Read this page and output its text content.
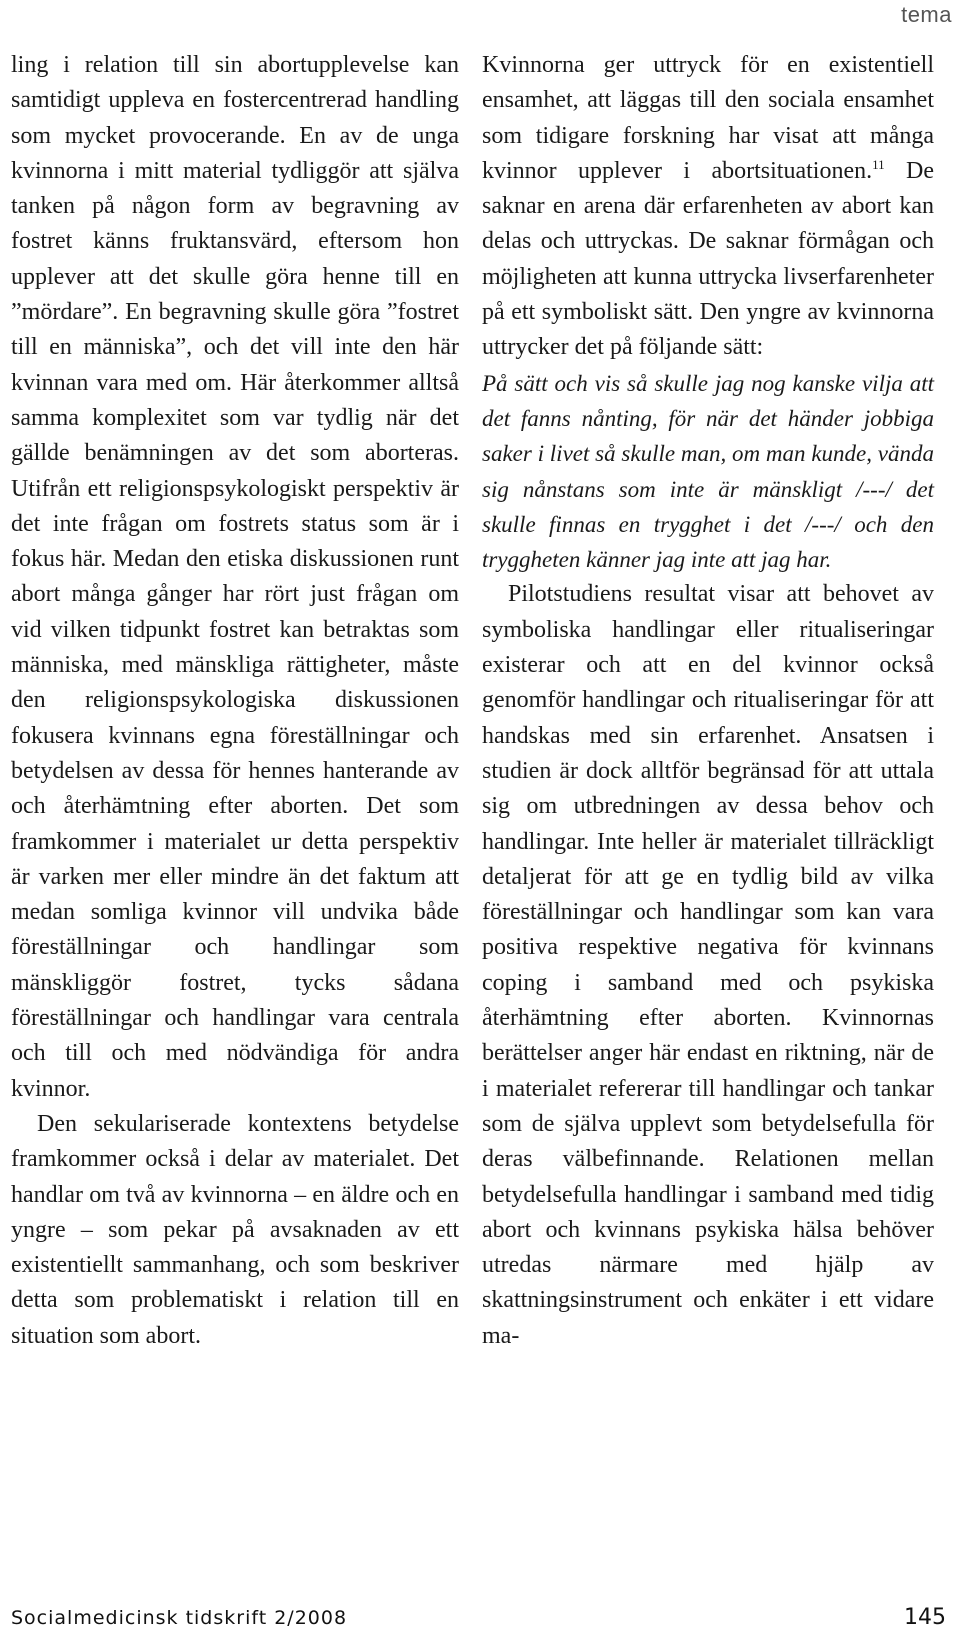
tema

ling i relation till sin abortupplevelse kan samtidigt uppleva en fostercentrerad handling som mycket provocerande. En av de unga kvinnorna i mitt material tydliggör att själva tanken på någon form av begravning av fostret känns fruktansvärd, eftersom hon upplever att det skulle göra henne till en ”mördare”. En begravning skulle göra ”fostret till en människa”, och det vill inte den här kvinnan vara med om. Här återkommer alltså samma komplexitet som var tydlig när det gällde benämningen av det som aborteras. Utifrån ett religionspsykologiskt perspektiv är det inte frågan om fostrets status som är i fokus här. Medan den etiska diskussionen runt abort många gånger har rört just frågan om vid vilken tidpunkt fostret kan betraktas som människa, med mänskliga rättigheter, måste den religionspsykologiska diskussionen fokusera kvinnans egna föreställningar och betydelsen av dessa för hennes hanterande av och återhämtning efter aborten. Det som framkommer i materialet ur detta perspektiv är varken mer eller mindre än det faktum att medan somliga kvinnor vill undvika både föreställningar och handlingar som mänskliggör fostret, tycks sådana föreställningar och handlingar vara centrala och till och med nödvändiga för andra kvinnor.

Den sekulariserade kontextens betydelse framkommer också i delar av materialet. Det handlar om två av kvinnorna – en äldre och en yngre – som pekar på avsaknaden av ett existentiellt sammanhang, och som beskriver detta som problematiskt i relation till en situation som abort.

Kvinnorna ger uttryck för en existentiell ensamhet, att läggas till den sociala ensamhet som tidigare forskning har visat att många kvinnor upplever i abortsituationen.$^{11}$ De saknar en arena där erfarenheten av abort kan delas och uttryckas. De saknar förmågan och möjligheten att kunna uttrycka livserfarenheter på ett symboliskt sätt. Den yngre av kvinnorna uttrycker det på följande sätt:

På sätt och vis så skulle jag nog kanske vilja att det fanns nånting, för när det händer jobbiga saker i livet så skulle man, om man kunde, vända sig nånstans som inte är mänskligt /---/ det skulle finnas en trygghet i det /---/ och den tryggheten känner jag inte att jag har.

Pilotstudiens resultat visar att behovet av symboliska handlingar eller ritualiseringar existerar och att en del kvinnor också genomför handlingar och ritualiseringar för att handskas med sin erfarenhet. Ansatsen i studien är dock alltför begränsad för att uttala sig om utbredningen av dessa behov och handlingar. Inte heller är materialet tillräckligt detaljerat för att ge en tydlig bild av vilka föreställningar och handlingar som kan vara positiva respektive negativa för kvinnans coping i samband med och psykiska återhämtning efter aborten. Kvinnornas berättelser anger här endast en riktning, när de i materialet refererar till handlingar och tankar som de själva upplevt som betydelsefulla för deras välbefinnande. Relationen mellan betydelsefulla handlingar i samband med tidig abort och kvinnans psykiska hälsa behöver utredas närmare med hjälp av skattningsinstrument och enkäter i ett vidare ma-

Socialmedicinsk tidskrift 2/2008	145
